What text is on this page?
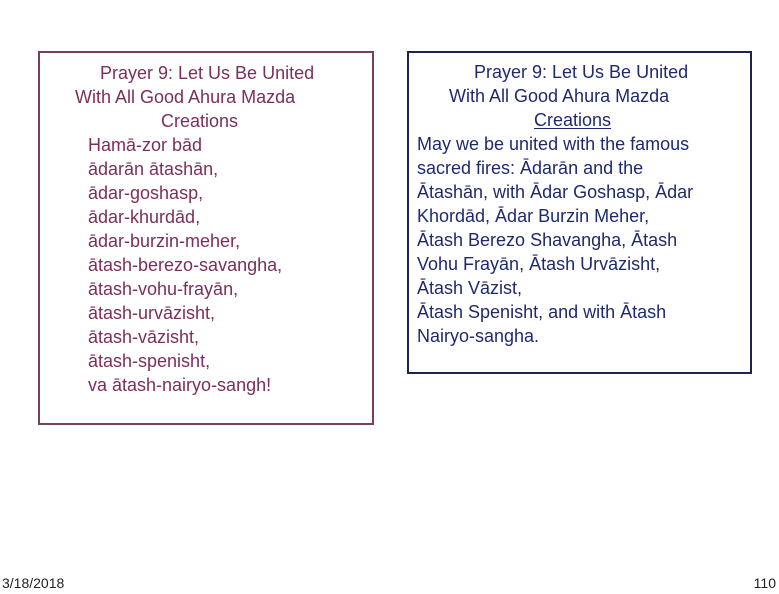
Prayer 9: Let Us Be United
With All Good Ahura Mazda
Creations
Hamā-zor bād
ādarān ātashān,
ādar-goshasp,
ādar-khurdād,
ādar-burzin-meher,
ātash-berezo-savangha,
ātash-vohu-frayān,
ātash-urvāzisht,
ātash-vāzisht,
ātash-spenisht,
va ātash-nairyo-sangh!
Prayer 9: Let Us Be United
With All Good Ahura Mazda
Creations
May we be united with the famous
sacred fires: Ādarān and the
Ātashān, with Ādar Goshasp, Ādar
Khordād, Ādar Burzin Meher,
Ātash Berezo Shavangha, Ātash
Vohu Frayān, Ātash Urvāzisht,
Ātash Vāzist,
Ātash Spenisht, and with Ātash
Nairyo-sangha.
3/18/2018	110
